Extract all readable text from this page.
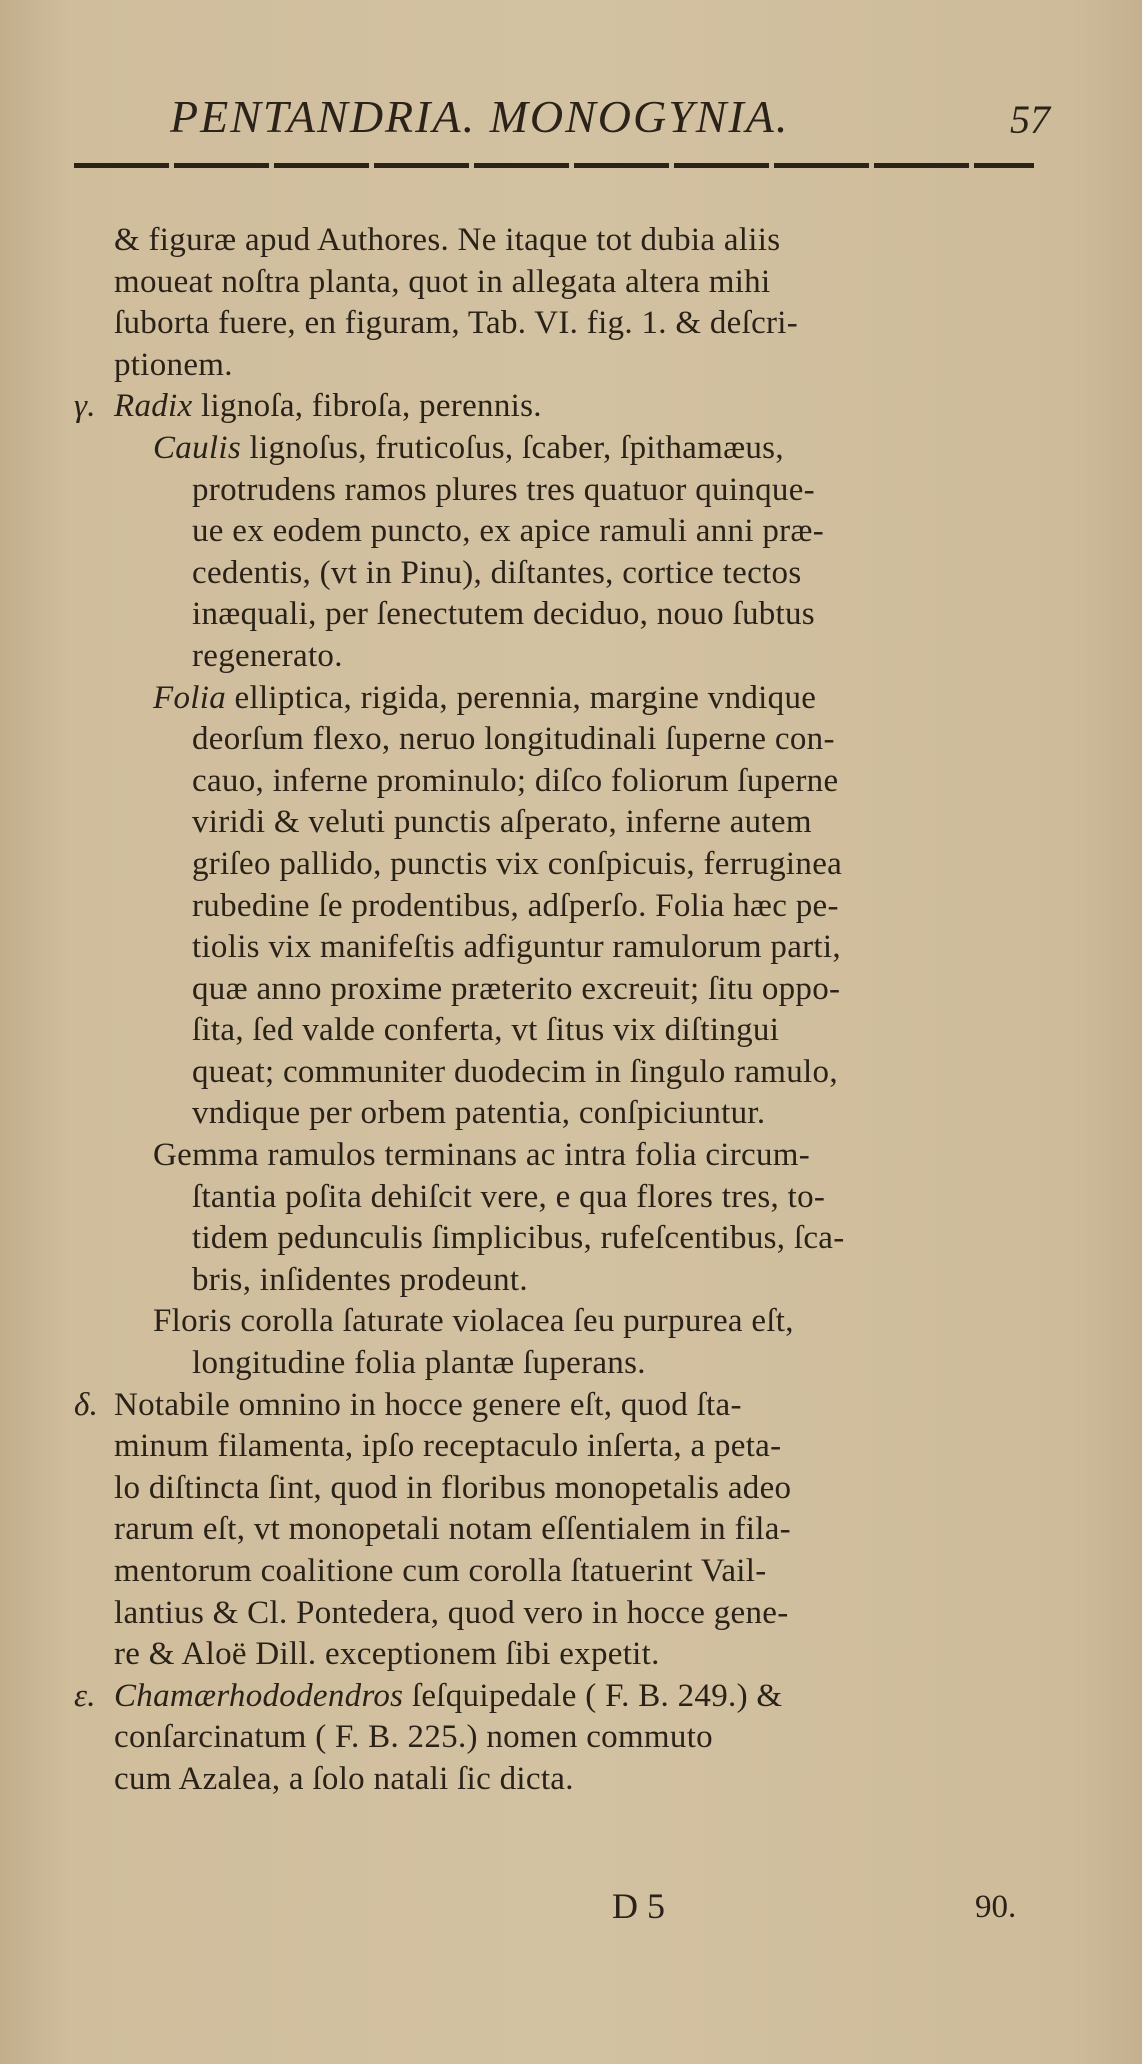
PENTANDRIA. MONOGYNIA.	57
& figuræ apud Authores. Ne itaque tot dubia aliis
moueat noſtra planta, quot in allegata altera mihi
ſuborta fuere, en figuram, Tab. VI. fig. 1. & deſcri-
ptionem.
γ. Radix lignoſa, fibroſa, perennis.
Caulis lignoſus, fruticoſus, ſcaber, ſpithamæus,
protrudens ramos plures tres quatuor quinque-
ue ex eodem puncto, ex apice ramuli anni præ-
cedentis, (vt in Pinu), diſtantes, cortice tectos
inæquali, per ſenectutem deciduo, nouo ſubtus
regenerato.
Folia elliptica, rigida, perennia, margine vndique
deorſum flexo, neruo longitudinali ſuperne con-
cauo, inferne prominulo; diſco foliorum ſuperne
viridi & veluti punctis aſperato, inferne autem
griſeo pallido, punctis vix conſpicuis, ferruginea
rubedine ſe prodentibus, adſperſo. Folia hæc pe-
tiolis vix manifeſtis adfiguntur ramulorum parti,
quæ anno proxime præterito excreuit; ſitu oppo-
ſita, ſed valde conferta, vt ſitus vix diſtingui
queat; communiter duodecim in ſingulo ramulo,
vndique per orbem patentia, conſpiciuntur.
Gemma ramulos terminans ac intra folia circum-
ſtantia poſita dehiſcit vere, e qua flores tres, to-
tidem pedunculis ſimplicibus, rufeſcentibus, ſca-
bris, inſidentes prodeunt.
Floris corolla ſaturate violacea ſeu purpurea eſt,
longitudine folia plantæ ſuperans.
δ. Notabile omnino in hocce genere eſt, quod ſta-
minum filamenta, ipſo receptaculo inſerta, a peta-
lo diſtincta ſint, quod in floribus monopetalis adeo
rarum eſt, vt monopetali notam eſſentialem in fila-
mentorum coalitione cum corolla ſtatuerint Vail-
lantius & Cl. Pontedera, quod vero in hocce gene-
re & Aloë Dill. exceptionem ſibi expetit.
ε. Chamærhododendros ſeſquipedale ( F. B. 249.) &
conſarcinatum ( F. B. 225.) nomen commuto
cum Azalea, a ſolo natali ſic dicta.
D 5	90.
